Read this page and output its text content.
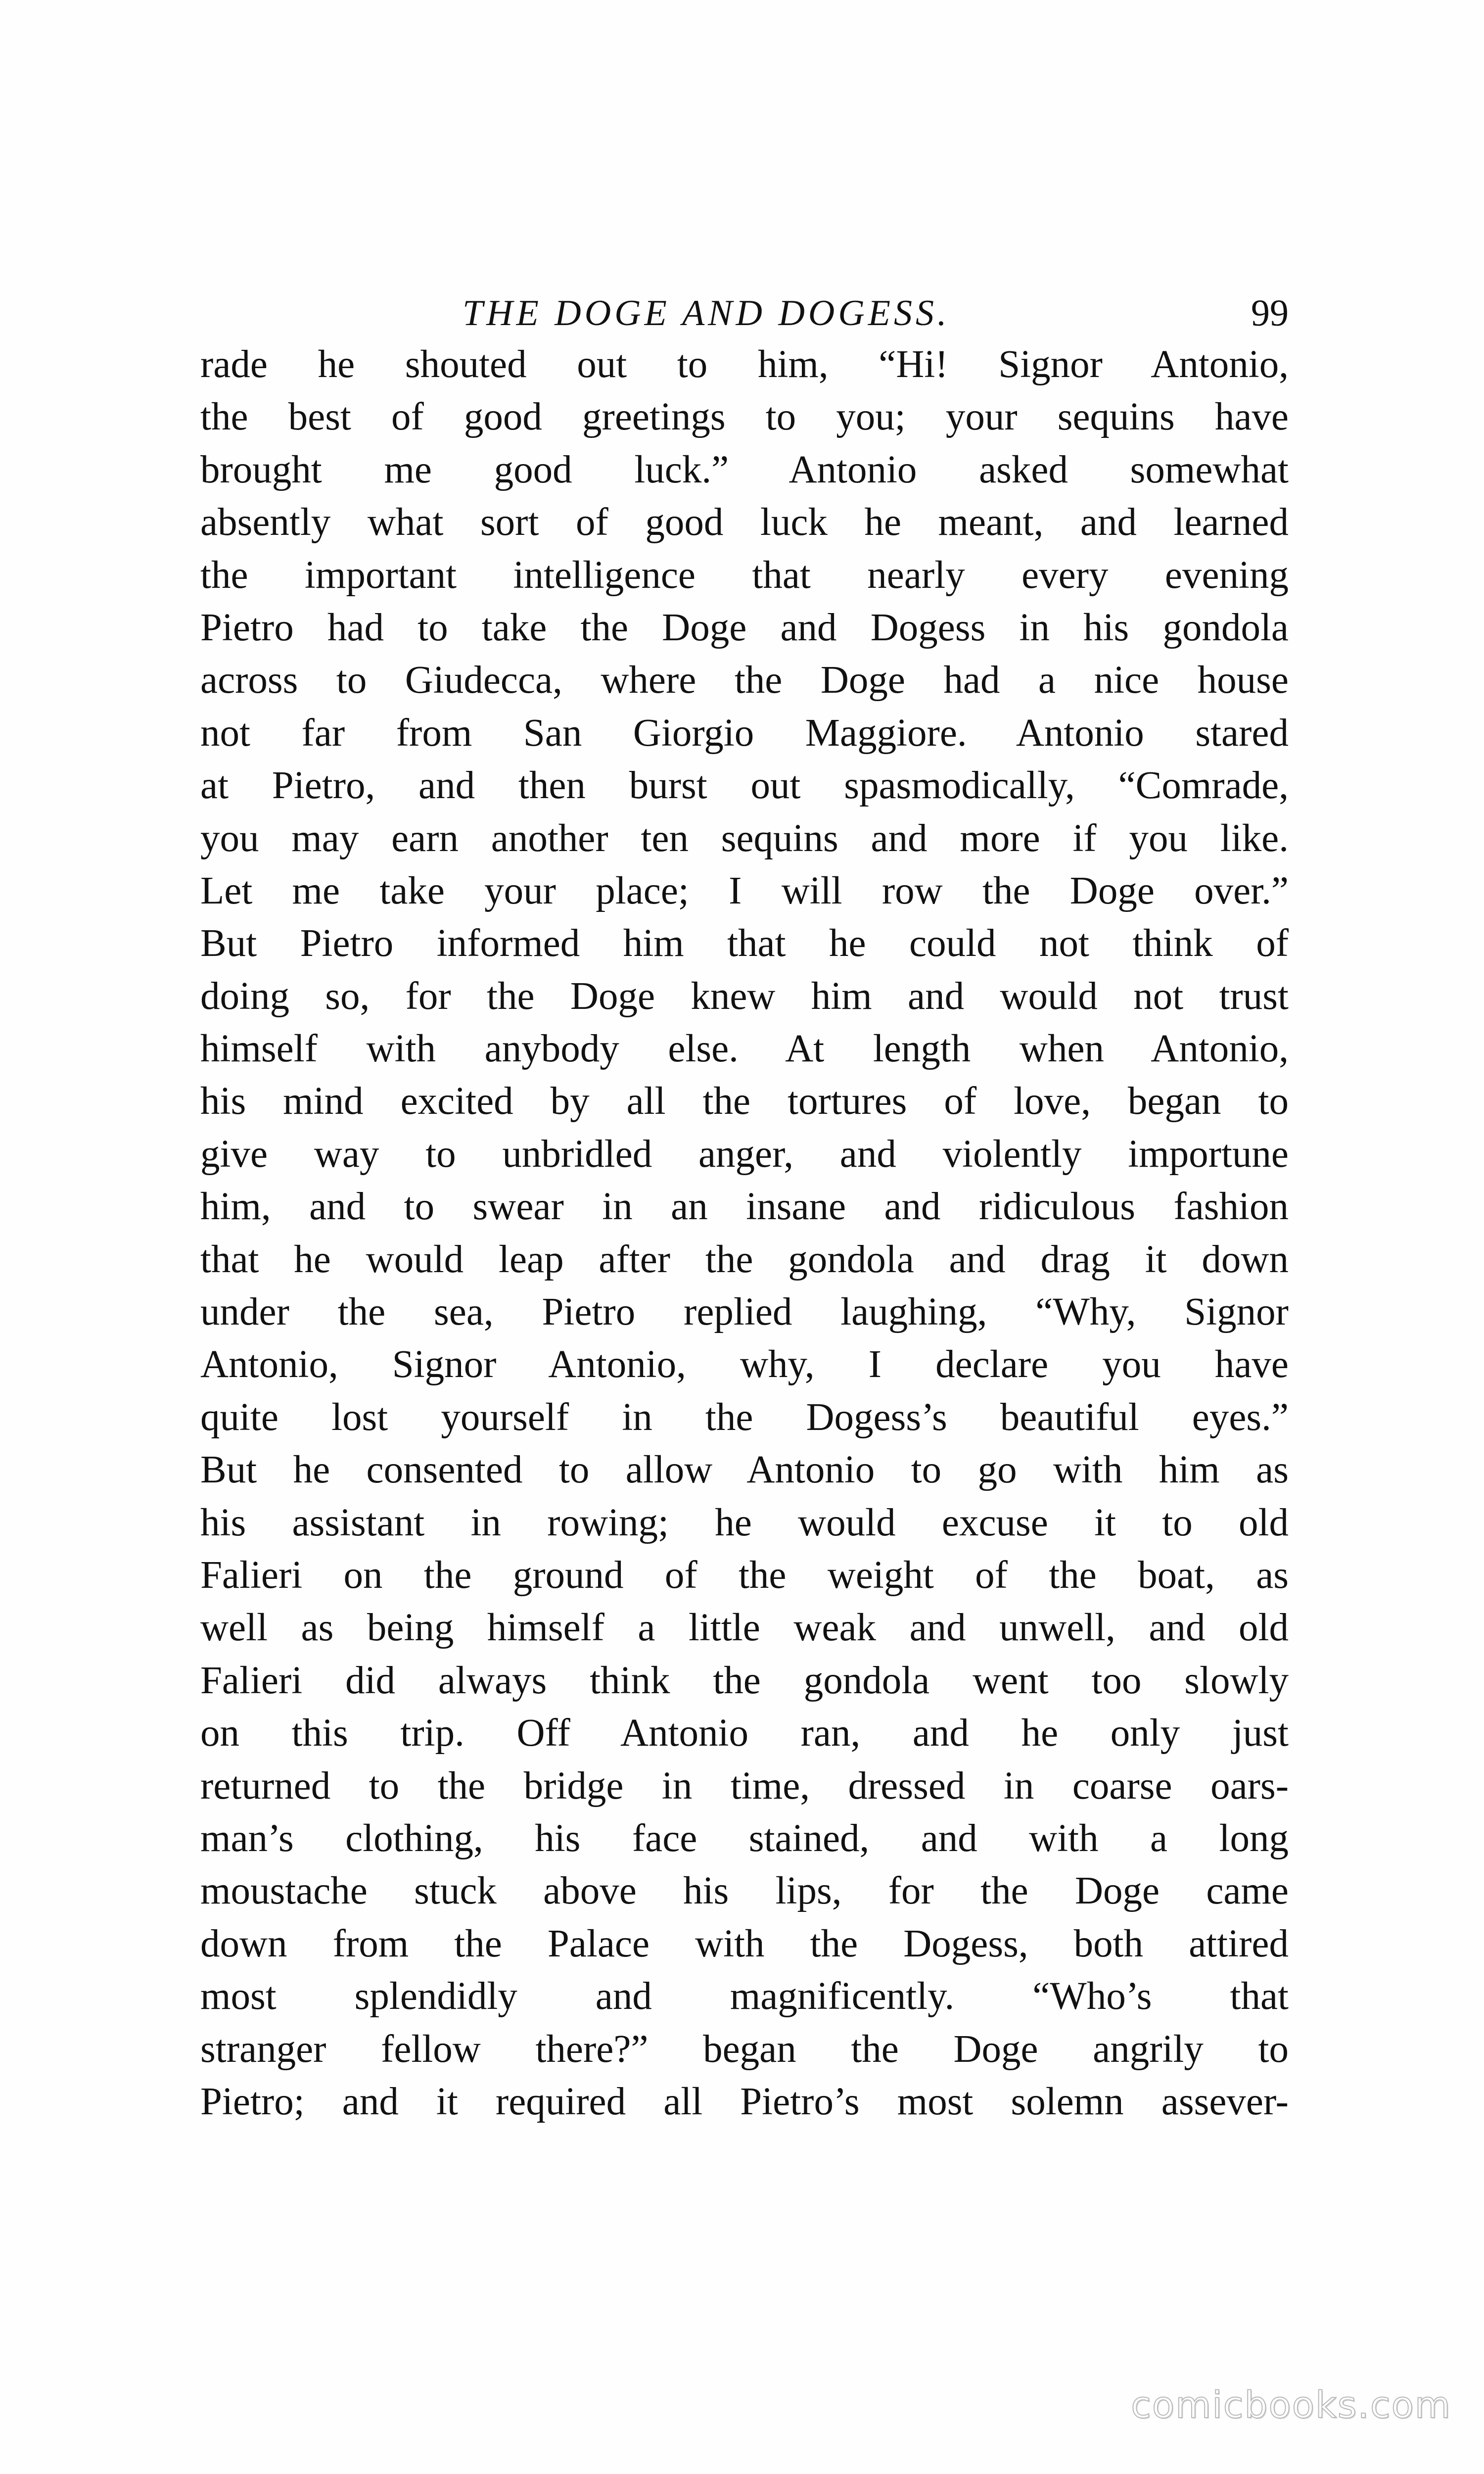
THE DOGE AND DOGESS.	99
rade he shouted out to him, “Hi! Signor Antonio,
the best of good greetings to you; your sequins have
brought me good luck.” Antonio asked somewhat
absently what sort of good luck he meant, and learned
the important intelligence that nearly every evening
Pietro had to take the Doge and Dogess in his gondola
across to Giudecca, where the Doge had a nice house
not far from San Giorgio Maggiore. Antonio stared
at Pietro, and then burst out spasmodically, “Comrade,
you may earn another ten sequins and more if you like.
Let me take your place; I will row the Doge over.”
But Pietro informed him that he could not think of
doing so, for the Doge knew him and would not trust
himself with anybody else. At length when Antonio,
his mind excited by all the tortures of love, began to
give way to unbridled anger, and violently importune
him, and to swear in an insane and ridiculous fashion
that he would leap after the gondola and drag it down
under the sea, Pietro replied laughing, “Why, Signor
Antonio, Signor Antonio, why, I declare you have
quite lost yourself in the Dogess’s beautiful eyes.”
But he consented to allow Antonio to go with him as
his assistant in rowing; he would excuse it to old
Falieri on the ground of the weight of the boat, as
well as being himself a little weak and unwell, and old
Falieri did always think the gondola went too slowly
on this trip. Off Antonio ran, and he only just
returned to the bridge in time, dressed in coarse oars-
man’s clothing, his face stained, and with a long
moustache stuck above his lips, for the Doge came
down from the Palace with the Dogess, both attired
most splendidly and magnificently. “Who’s that
stranger fellow there?” began the Doge angrily to
Pietro; and it required all Pietro’s most solemn assever-
comicbooks.com
